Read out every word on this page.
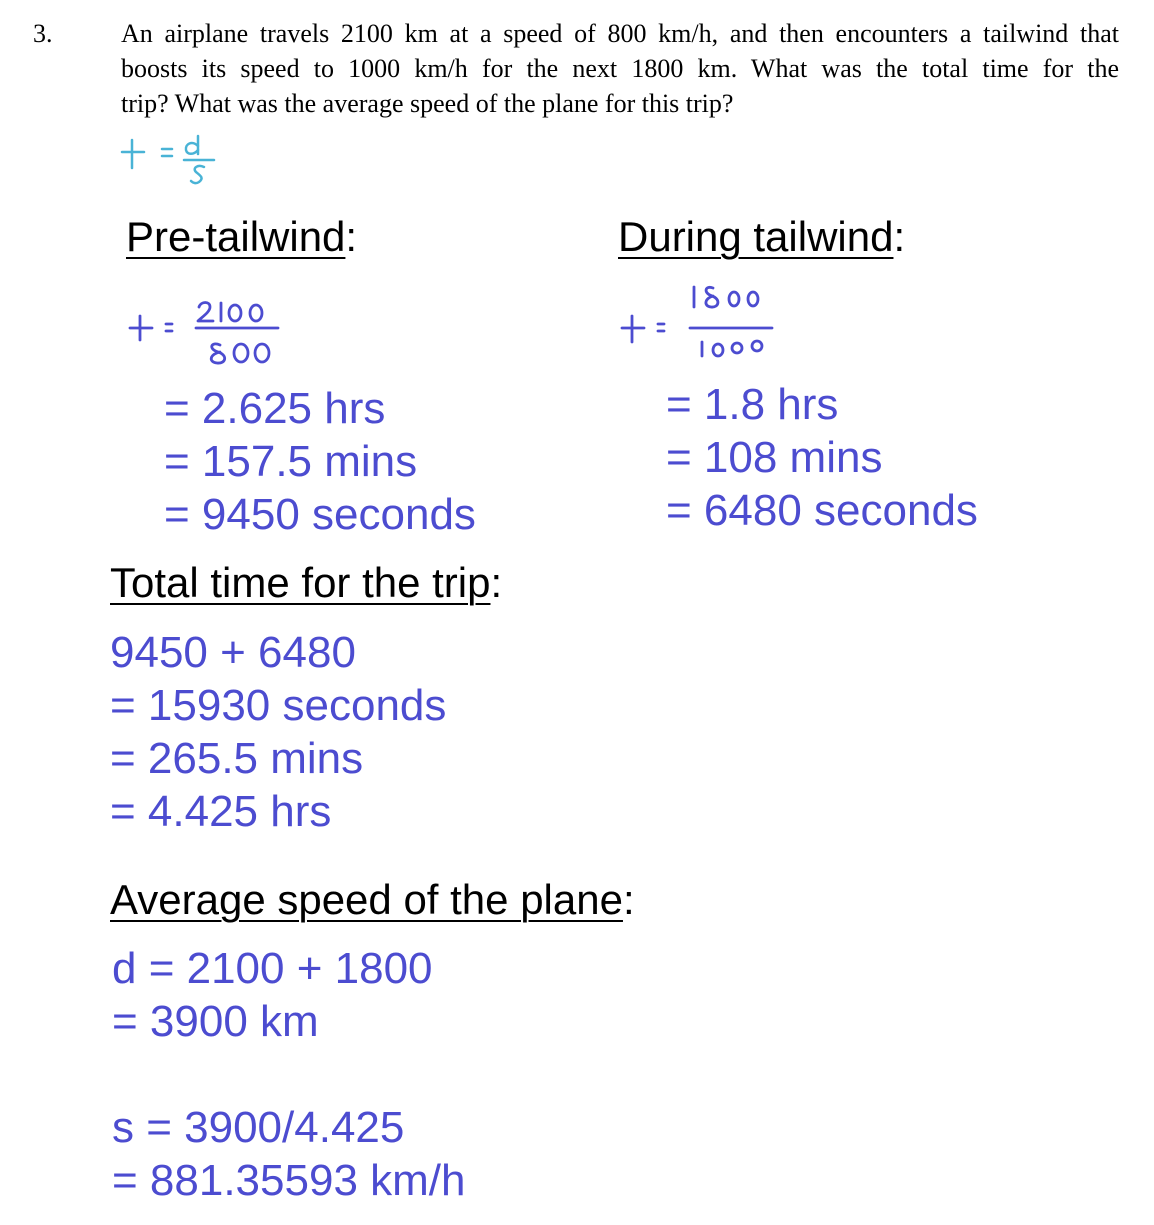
3.	An airplane travels 2100 km at a speed of 800 km/h, and then encounters a tailwind that
boosts its speed to 1000 km/h for the next 1800 km. What was the total time for the
trip? What was the average speed of the plane for this trip?
Pre-tailwind:	During tailwind:
= 2.625 hrs
= 157.5 mins
= 9450 seconds
= 1.8 hrs
= 108 mins
= 6480 seconds
Total time for the trip:
9450 + 6480
= 15930 seconds
= 265.5 mins
= 4.425 hrs
Average speed of the plane:
d = 2100 + 1800
= 3900 km
s = 3900/4.425
= 881.35593 km/h
